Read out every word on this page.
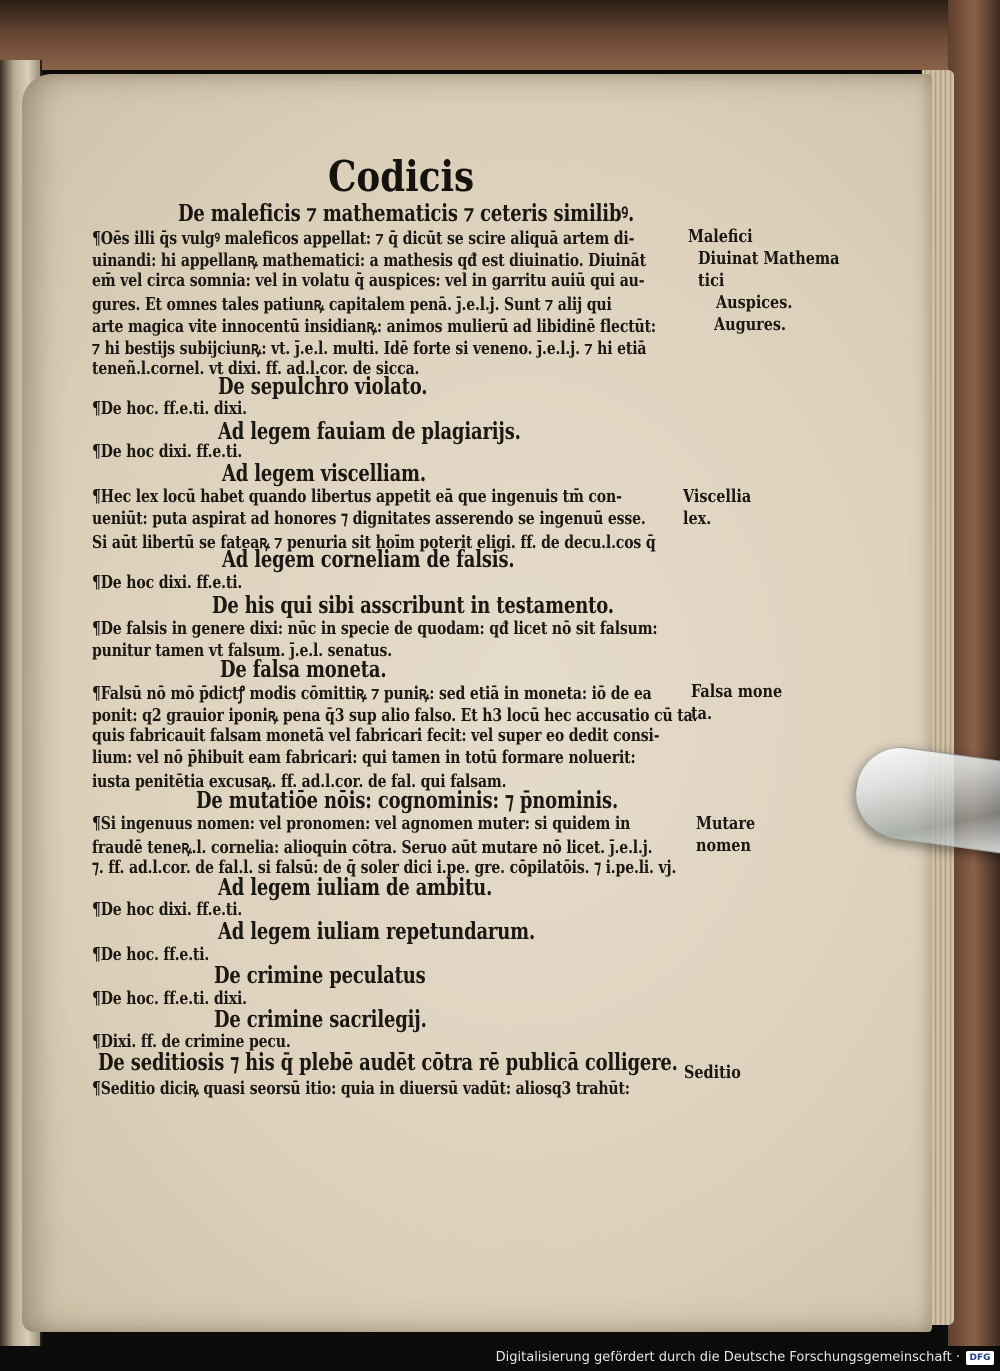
Codicis
De maleficis ⁊ mathematicis ⁊ ceteris similibꝰ.
¶Oēs illi q̄s vulgꝰ maleficos appellat: ⁊ q̄ dicūt se scire aliquā artem di-
uinandi: hi appellanꝶ mathematici: a mathesis qđ est diuinatio. Diuināt
em̄ vel circa somnia: vel in volatu q̄ auspices: vel in garritu auiū qui au-
gures. Et omnes tales patiunꝶ capitalem penā. j̄.e.l.j. Sunt ⁊ alij qui
arte magica vite innocentū insidianꝶ: animos mulierū ad libidinē flectūt:
⁊ hi bestijs subijciunꝶ: vt. j̄.e.l. multi. Idē forte si veneno. j̄.e.l.j. ⁊ hi etiā
teneñ.l.cornel. vt dixi. ff. ad.l.cor. de sicca.
De sepulchro violato.
¶De hoc. ff.e.ti. dixi.
Ad legem fauiam de plagiarijs.
¶De hoc dixi. ff.e.ti.
Ad legem viscelliam.
¶Hec lex locū habet quando libertus appetit eā que ingenuis tm̄ con-
ueniūt: puta aspirat ad honores ⁊ dignitates asserendo se ingenuū esse.
Si aūt libertū se fateaꝶ ⁊ penuria sit hoīm poterit eligi. ff. de decu.l.cos q̄
Ad legem corneliam de falsis.
¶De hoc dixi. ff.e.ti.
De his qui sibi asscribunt in testamento.
¶De falsis in genere dixi: nūc in specie de quodam: qđ licet nō sit falsum:
punitur tamen vt falsum. j̄.e.l. senatus.
De falsa moneta.
¶Falsū nō mō p̄dictꝭ modis cōmittiꝶ ⁊ puniꝶ: sed etiā in moneta: iō de ea
ponit: q2 grauior iponiꝶ pena q̄3 sup alio falso. Et h3 locū hec accusatio cū ta.
quis fabricauit falsam monetā vel fabricari fecit: vel super eo dedit consi-
lium: vel nō p̄hibuit eam fabricari: qui tamen in totū formare noluerit:
iusta penitētia excusaꝶ. ff. ad.l.cor. de fal. qui falsam.
De mutatiōe nōis: cognominis: ⁊ p̄nominis.
¶Si ingenuus nomen: vel pronomen: vel agnomen muter: si quidem in
fraudē teneꝶ.l. cornelia: alioquin cōtra. Seruo aūt mutare nō licet. j̄.e.l.j.
⁊. ff. ad.l.cor. de fal.l. si falsū: de q̄ soler dici i.pe. gre. cōpilatōis. ⁊ i.pe.li. vj.
Ad legem iuliam de ambitu.
¶De hoc dixi. ff.e.ti.
Ad legem iuliam repetundarum.
¶De hoc. ff.e.ti.
De crimine peculatus
¶De hoc. ff.e.ti. dixi.
De crimine sacrilegij.
¶Dixi. ff. de crimine pecu.
De seditiosis ⁊ his q̄ plebē audēt cōtra rē publicā colligere.
¶Seditio diciꝶ quasi seorsū itio: quia in diuersū vadūt: aliosq3 trahūt:
Malefici
Diuinat Mathema
tici
Auspices.
Augures.
Viscellia
lex.
Falsa mone
ta.
Mutare
nomen
Seditio
Digitalisierung gefördert durch die Deutsche Forschungsgemeinschaft ·	DFG
